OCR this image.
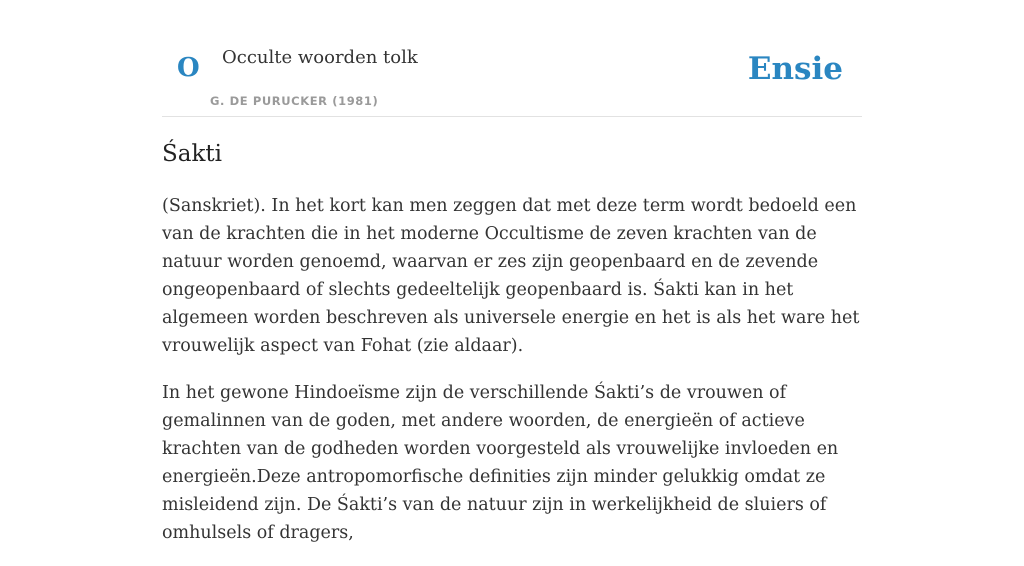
O Occulte woorden tolk
G. DE PURUCKER (1981)
Ensie
Śakti

(Sanskriet). In het kort kan men zeggen dat met deze term wordt bedoeld een van de krachten die in het moderne Occultisme de zeven krachten van de natuur worden genoemd, waarvan er zes zijn geopenbaard en de zevende ongeopenbaard of slechts gedeeltelijk geopenbaard is. Śakti kan in het algemeen worden beschreven als universele energie en het is als het ware het vrouwelijk aspect van Fohat (zie aldaar).

In het gewone Hindoeïsme zijn de verschillende Śakti’s de vrouwen of gemalinnen van de goden, met andere woorden, de energieën of actieve krachten van de godheden worden voorgesteld als vrouwelijke invloeden en energieën.Deze antropomorfische definities zijn minder gelukkig omdat ze misleidend zijn. De Śakti’s van de natuur zijn in werkelijkheid de sluiers of omhulsels of dragers,
